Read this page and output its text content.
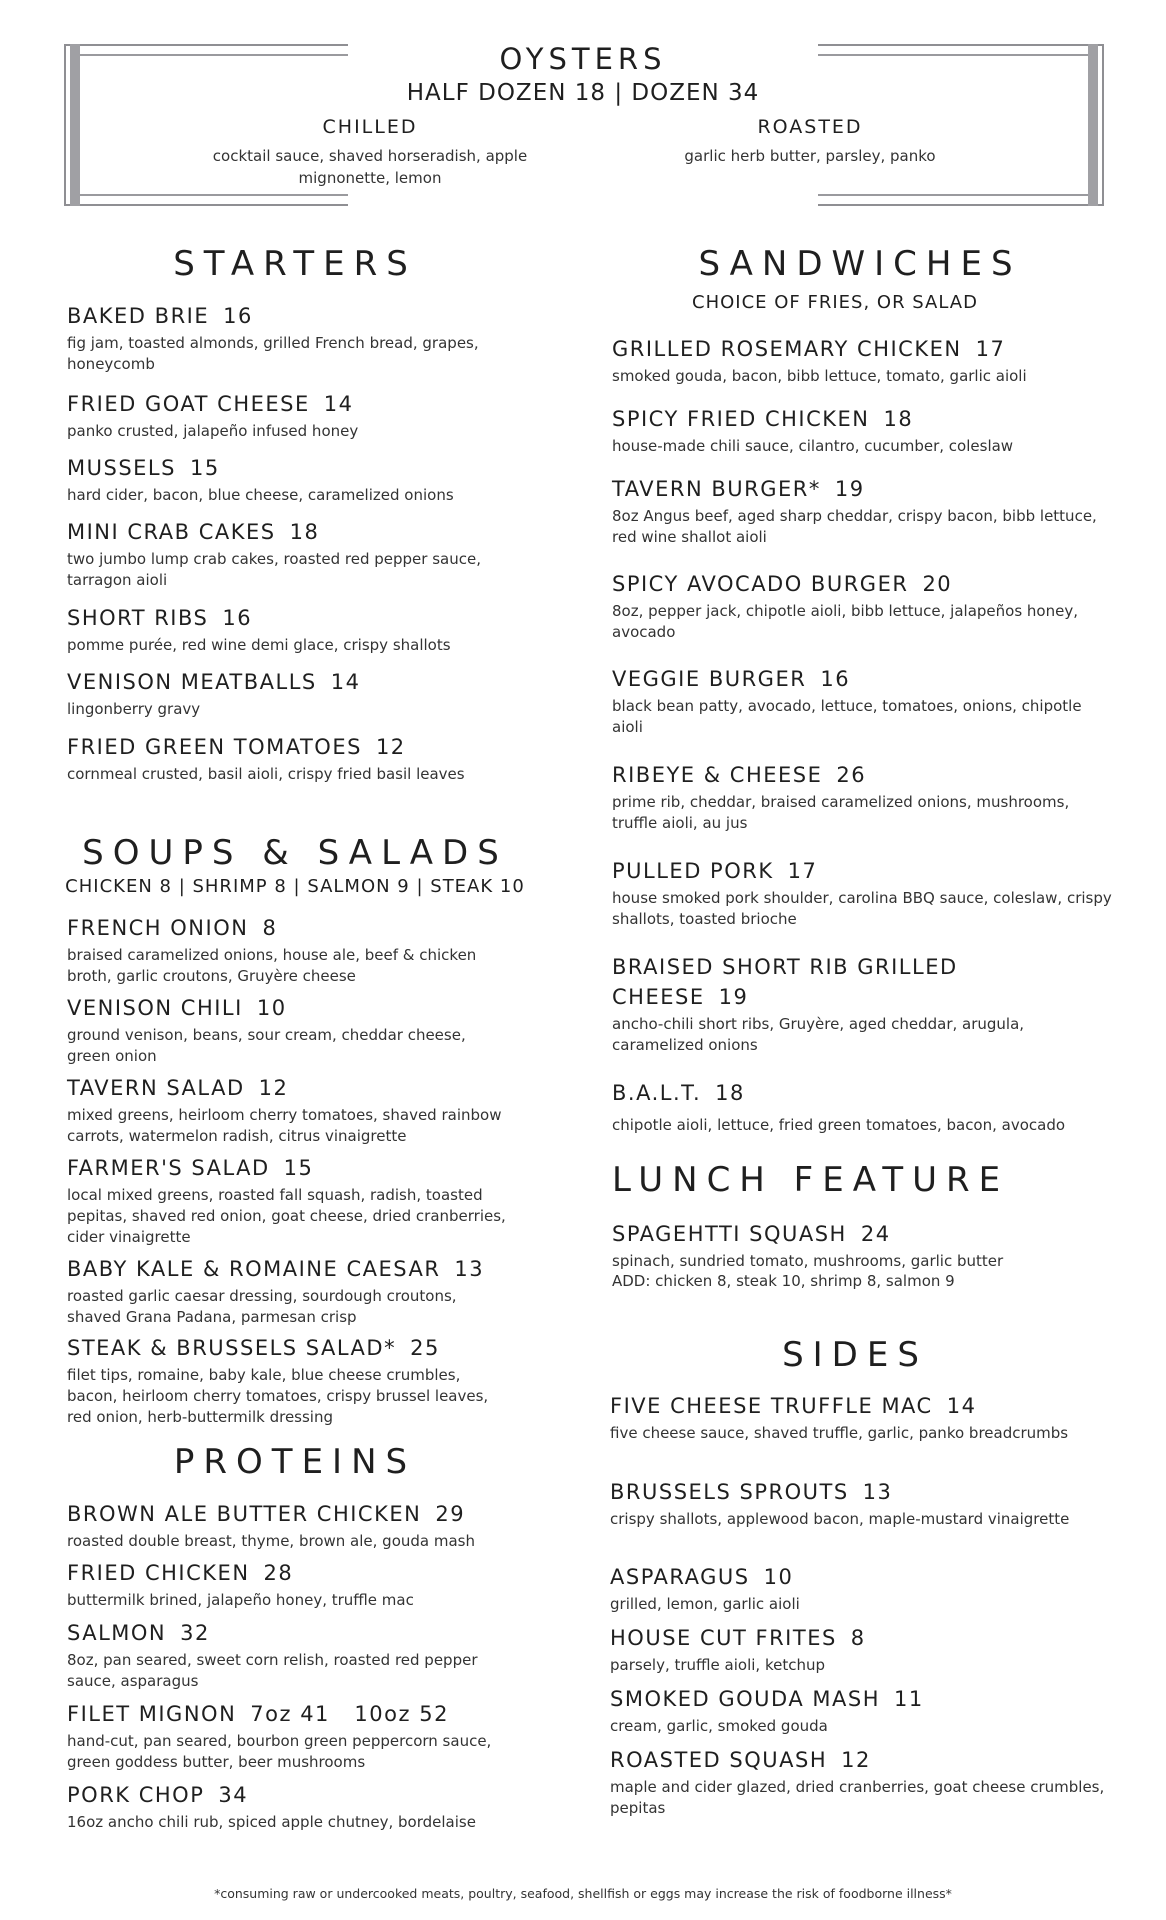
OYSTERS
HALF DOZEN 18 | DOZEN 34
CHILLED
cocktail sauce, shaved horseradish, apple mignonette, lemon
ROASTED
garlic herb butter, parsley, panko
STARTERS
BAKED BRIE 16
fig jam, toasted almonds, grilled French bread, grapes, honeycomb
FRIED GOAT CHEESE 14
panko crusted, jalapeño infused honey
MUSSELS 15
hard cider, bacon, blue cheese, caramelized onions
MINI CRAB CAKES 18
two jumbo lump crab cakes, roasted red pepper sauce, tarragon aioli
SHORT RIBS 16
pomme purée, red wine demi glace, crispy shallots
VENISON MEATBALLS 14
lingonberry gravy
FRIED GREEN TOMATOES 12
cornmeal crusted, basil aioli, crispy fried basil leaves
SOUPS & SALADS
CHICKEN 8 | SHRIMP 8 | SALMON 9 | STEAK 10
FRENCH ONION 8
braised caramelized onions, house ale, beef & chicken broth, garlic croutons, Gruyère cheese
VENISON CHILI 10
ground venison, beans, sour cream, cheddar cheese, green onion
TAVERN SALAD 12
mixed greens, heirloom cherry tomatoes, shaved rainbow carrots, watermelon radish, citrus vinaigrette
FARMER'S SALAD 15
local mixed greens, roasted fall squash, radish, toasted pepitas, shaved red onion, goat cheese, dried cranberries, cider vinaigrette
BABY KALE & ROMAINE CAESAR 13
roasted garlic caesar dressing, sourdough croutons, shaved Grana Padana, parmesan crisp
STEAK & BRUSSELS SALAD* 25
filet tips, romaine, baby kale, blue cheese crumbles, bacon, heirloom cherry tomatoes, crispy brussel leaves, red onion, herb-buttermilk dressing
PROTEINS
BROWN ALE BUTTER CHICKEN 29
roasted double breast, thyme, brown ale, gouda mash
FRIED CHICKEN 28
buttermilk brined, jalapeño honey, truffle mac
SALMON 32
8oz, pan seared, sweet corn relish, roasted red pepper sauce, asparagus
FILET MIGNON 7oz 41   10oz 52
hand-cut, pan seared, bourbon green peppercorn sauce, green goddess butter, beer mushrooms
PORK CHOP 34
16oz ancho chili rub, spiced apple chutney, bordelaise
SANDWICHES
CHOICE OF FRIES, OR SALAD
GRILLED ROSEMARY CHICKEN 17
smoked gouda, bacon, bibb lettuce, tomato, garlic aioli
SPICY FRIED CHICKEN 18
house-made chili sauce, cilantro, cucumber, coleslaw
TAVERN BURGER* 19
8oz Angus beef, aged sharp cheddar, crispy bacon, bibb lettuce, red wine shallot aioli
SPICY AVOCADO BURGER 20
8oz, pepper jack, chipotle aioli, bibb lettuce, jalapeños honey, avocado
VEGGIE BURGER 16
black bean patty, avocado, lettuce, tomatoes, onions, chipotle aioli
RIBEYE & CHEESE 26
prime rib, cheddar, braised caramelized onions, mushrooms, truffle aioli, au jus
PULLED PORK 17
house smoked pork shoulder, carolina BBQ sauce, coleslaw, crispy shallots, toasted brioche
BRAISED SHORT RIB GRILLED
CHEESE 19
ancho-chili short ribs, Gruyère, aged cheddar, arugula, caramelized onions
B.A.L.T. 18
chipotle aioli, lettuce, fried green tomatoes, bacon, avocado
LUNCH FEATURE
SPAGEHTTI SQUASH 24
spinach, sundried tomato, mushrooms, garlic butter
ADD: chicken 8, steak 10, shrimp 8, salmon 9
SIDES
FIVE CHEESE TRUFFLE MAC 14
five cheese sauce, shaved truffle, garlic, panko breadcrumbs
BRUSSELS SPROUTS 13
crispy shallots, applewood bacon, maple-mustard vinaigrette
ASPARAGUS 10
grilled, lemon, garlic aioli
HOUSE CUT FRITES 8
parsely, truffle aioli, ketchup
SMOKED GOUDA MASH 11
cream, garlic, smoked gouda
ROASTED SQUASH 12
maple and cider glazed, dried cranberries, goat cheese crumbles, pepitas
*consuming raw or undercooked meats, poultry, seafood, shellfish or eggs may increase the risk of foodborne illness*
